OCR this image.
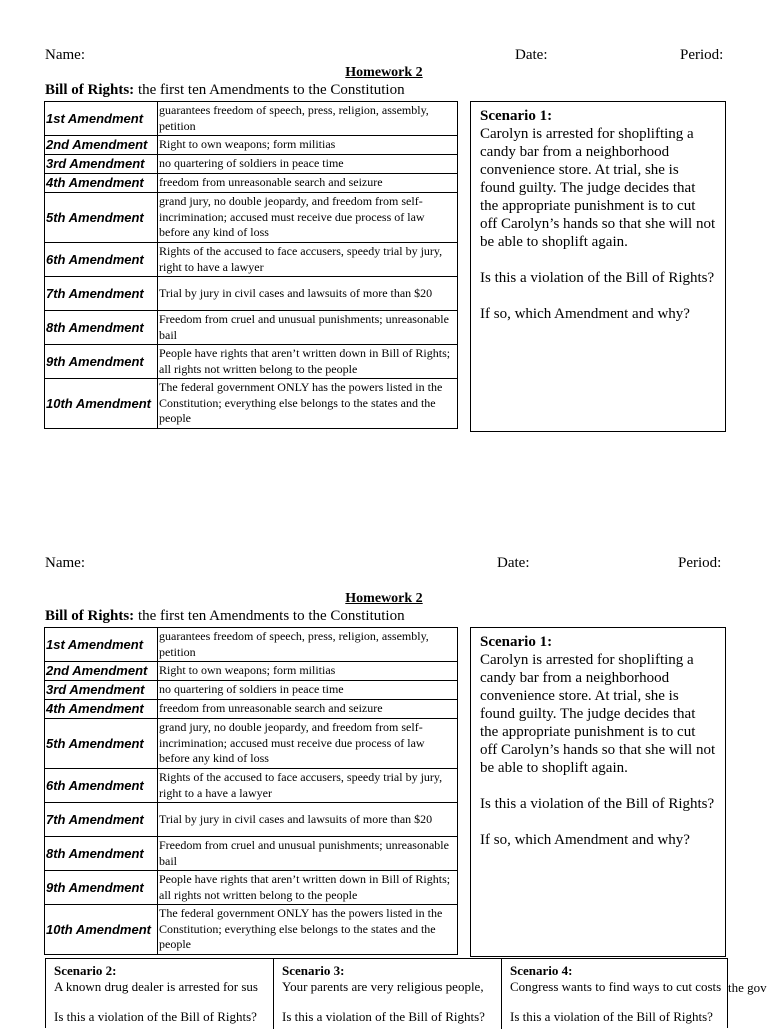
Name:	Date:	Period:
Homework 2
Bill of Rights: the first ten Amendments to the Constitution
1st Amendment	guarantees freedom of speech, press, religion, assembly, petition
2nd Amendment	Right to own weapons; form militias
3rd Amendment	no quartering of soldiers in peace time
4th Amendment	freedom from unreasonable search and seizure
5th Amendment	grand jury, no double jeopardy, and freedom from self-incrimination; accused must receive due process of law before any kind of loss
6th Amendment	Rights of the accused to face accusers, speedy trial by jury, right to have a lawyer
7th Amendment	Trial by jury in civil cases and lawsuits of more than $20
8th Amendment	Freedom from cruel and unusual punishments; unreasonable bail
9th Amendment	People have rights that aren’t written down in Bill of Rights; all rights not written belong to the people
10th Amendment	The federal government ONLY has the powers listed in the Constitution; everything else belongs to the states and the people

Scenario 1:

Carolyn is arrested for shoplifting a candy bar from a neighborhood convenience store. At trial, she is found guilty. The judge decides that the appropriate punishment is to cut off Carolyn’s hands so that she will not be able to shoplift again.

Is this a violation of the Bill of Rights?

If so, which Amendment and why?

Name:	Date:	Period:
Homework 2
Bill of Rights: the first ten Amendments to the Constitution
1st Amendment	guarantees freedom of speech, press, religion, assembly, petition
2nd Amendment	Right to own weapons; form militias
3rd Amendment	no quartering of soldiers in peace time
4th Amendment	freedom from unreasonable search and seizure
5th Amendment	grand jury, no double jeopardy, and freedom from self-incrimination; accused must receive due process of law before any kind of loss
6th Amendment	Rights of the accused to face accusers, speedy trial by jury, right to a have a lawyer
7th Amendment	Trial by jury in civil cases and lawsuits of more than $20
8th Amendment	Freedom from cruel and unusual punishments; unreasonable bail
9th Amendment	People have rights that aren’t written down in Bill of Rights; all rights not written belong to the people
10th Amendment	The federal government ONLY has the powers listed in the Constitution; everything else belongs to the states and the people

Scenario 1:

Carolyn is arrested for shoplifting a candy bar from a neighborhood convenience store. At trial, she is found guilty. The judge decides that the appropriate punishment is to cut off Carolyn’s hands so that she will not be able to shoplift again.

Is this a violation of the Bill of Rights?

If so, which Amendment and why?

Scenario 2:
A known drug dealer is arrested for sus
Is this a violation of the Bill of Rights?
Scenario 3:
Your parents are very religious people,
Is this a violation of the Bill of Rights?
Scenario 4:
Congress wants to find ways to cut costs
Is this a violation of the Bill of Rights?
the gov
